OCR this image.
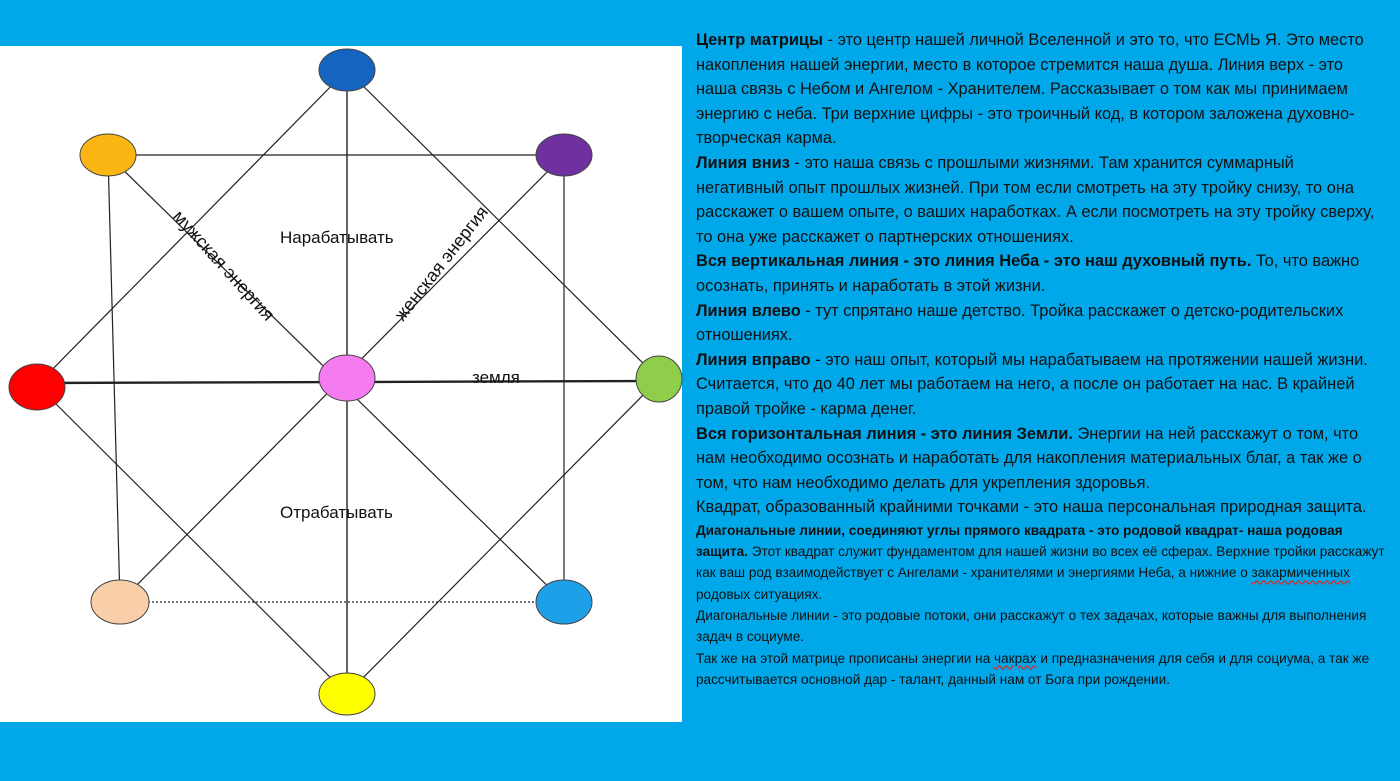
Нарабатывать
Отрабатывать
земля
мужская энергия	женская энергия

Центр матрицы - это центр нашей личной Вселенной и это то, что ЕСМЬ Я. Это место накопления нашей энергии, место в которое стремится наша душа. Линия верх - это наша связь с Небом и Ангелом - Хранителем. Рассказывает о том как мы принимаем энергию с неба. Три верхние цифры - это троичный код, в котором заложена духовно-творческая карма.

Линия вниз - это наша связь с прошлыми жизнями. Там хранится суммарный негативный опыт прошлых жизней. При том если смотреть на эту тройку снизу, то она расскажет о вашем опыте, о ваших наработках. А если посмотреть на эту тройку сверху, то она уже расскажет о партнерских отношениях.

Вся вертикальная линия - это линия Неба - это наш духовный путь. То, что важно осознать, принять и наработать в этой жизни.

Линия влево - тут спрятано наше детство. Тройка расскажет о детско-родительских отношениях.

Линия вправо - это наш опыт, который мы нарабатываем на протяжении нашей жизни. Считается, что до 40 лет мы работаем на него, а после он работает на нас. В крайней правой тройке - карма денег.

Вся горизонтальная линия - это линия Земли. Энергии на ней расскажут о том, что нам необходимо осознать и наработать для накопления материальных благ, а так же о том, что нам необходимо делать для укрепления здоровья.

Квадрат, образованный крайними точками - это наша персональная природная защита.

Диагональные линии, соединяют углы прямого квадрата - это родовой квадрат- наша родовая защита. Этот квадрат служит фундаментом для нашей жизни во всех её сферах. Верхние тройки расскажут как ваш род взаимодействует с Ангелами - хранителями и энергиями Неба, а нижние о закармиченных родовых ситуациях.

Диагональные линии - это родовые потоки, они расскажут о тех задачах, которые важны для выполнения задач в социуме.

Так же на этой матрице прописаны энергии на чакрах и предназначения для себя и для социума, а так же рассчитывается основной дар - талант, данный нам от Бога при рождении.
